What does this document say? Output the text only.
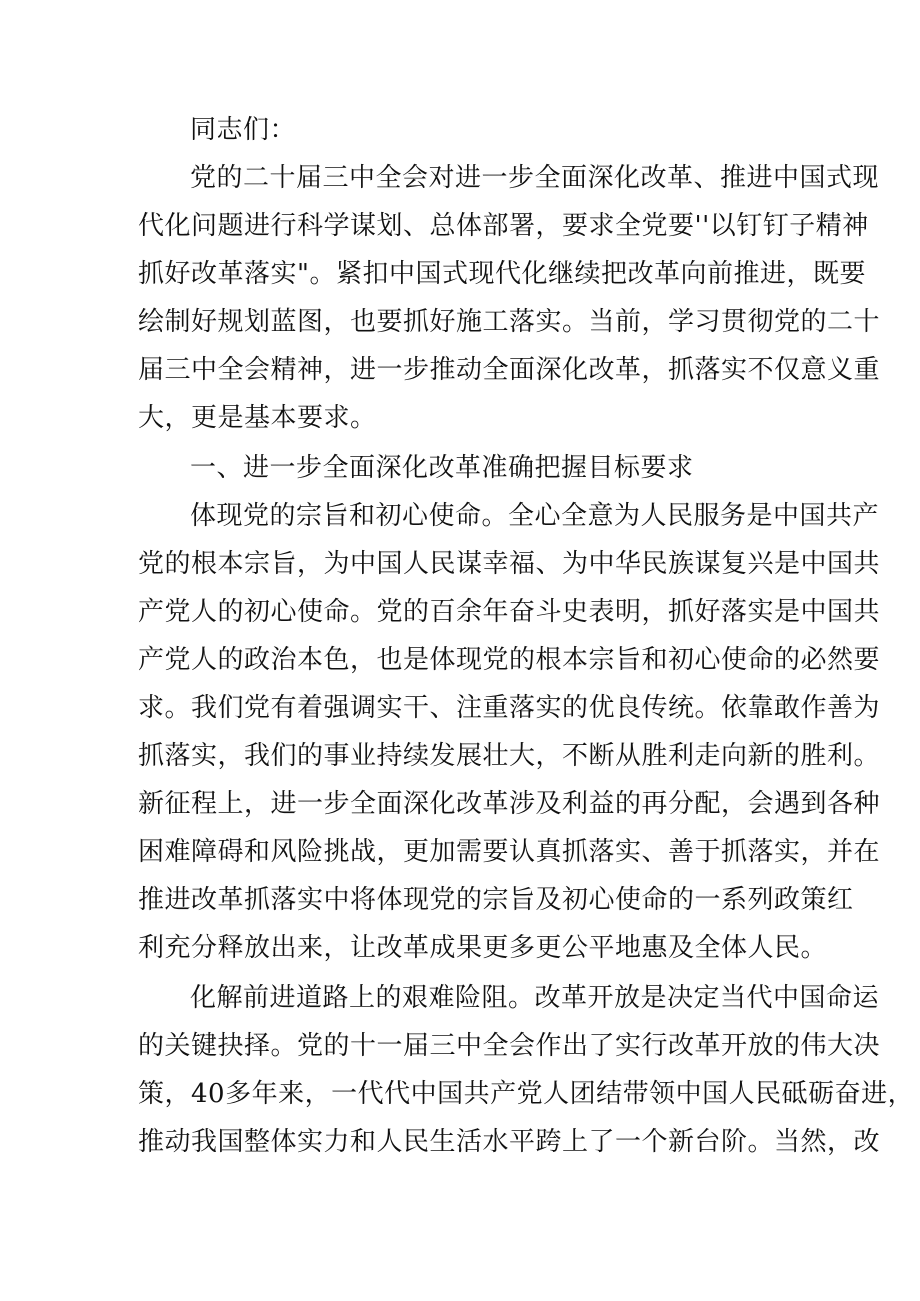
同志们：
党的二十届三中全会对进一步全面深化改革、推进中国式现
代化问题进行科学谋划、总体部署，要求全党要''以钉钉子精神
抓好改革落实"。紧扣中国式现代化继续把改革向前推进，既要
绘制好规划蓝图，也要抓好施工落实。当前，学习贯彻党的二十
届三中全会精神，进一步推动全面深化改革，抓落实不仅意义重
大，更是基本要求。
一、进一步全面深化改革准确把握目标要求
体现党的宗旨和初心使命。全心全意为人民服务是中国共产
党的根本宗旨，为中国人民谋幸福、为中华民族谋复兴是中国共
产党人的初心使命。党的百余年奋斗史表明，抓好落实是中国共
产党人的政治本色，也是体现党的根本宗旨和初心使命的必然要
求。我们党有着强调实干、注重落实的优良传统。依靠敢作善为
抓落实，我们的事业持续发展壮大，不断从胜利走向新的胜利。
新征程上，进一步全面深化改革涉及利益的再分配，会遇到各种
困难障碍和风险挑战，更加需要认真抓落实、善于抓落实，并在
推进改革抓落实中将体现党的宗旨及初心使命的一系列政策红
利充分释放出来，让改革成果更多更公平地惠及全体人民。
化解前进道路上的艰难险阻。改革开放是决定当代中国命运
的关键抉择。党的十一届三中全会作出了实行改革开放的伟大决
策，40多年来，一代代中国共产党人团结带领中国人民砥砺奋进，
推动我国整体实力和人民生活水平跨上了一个新台阶。当然，改
